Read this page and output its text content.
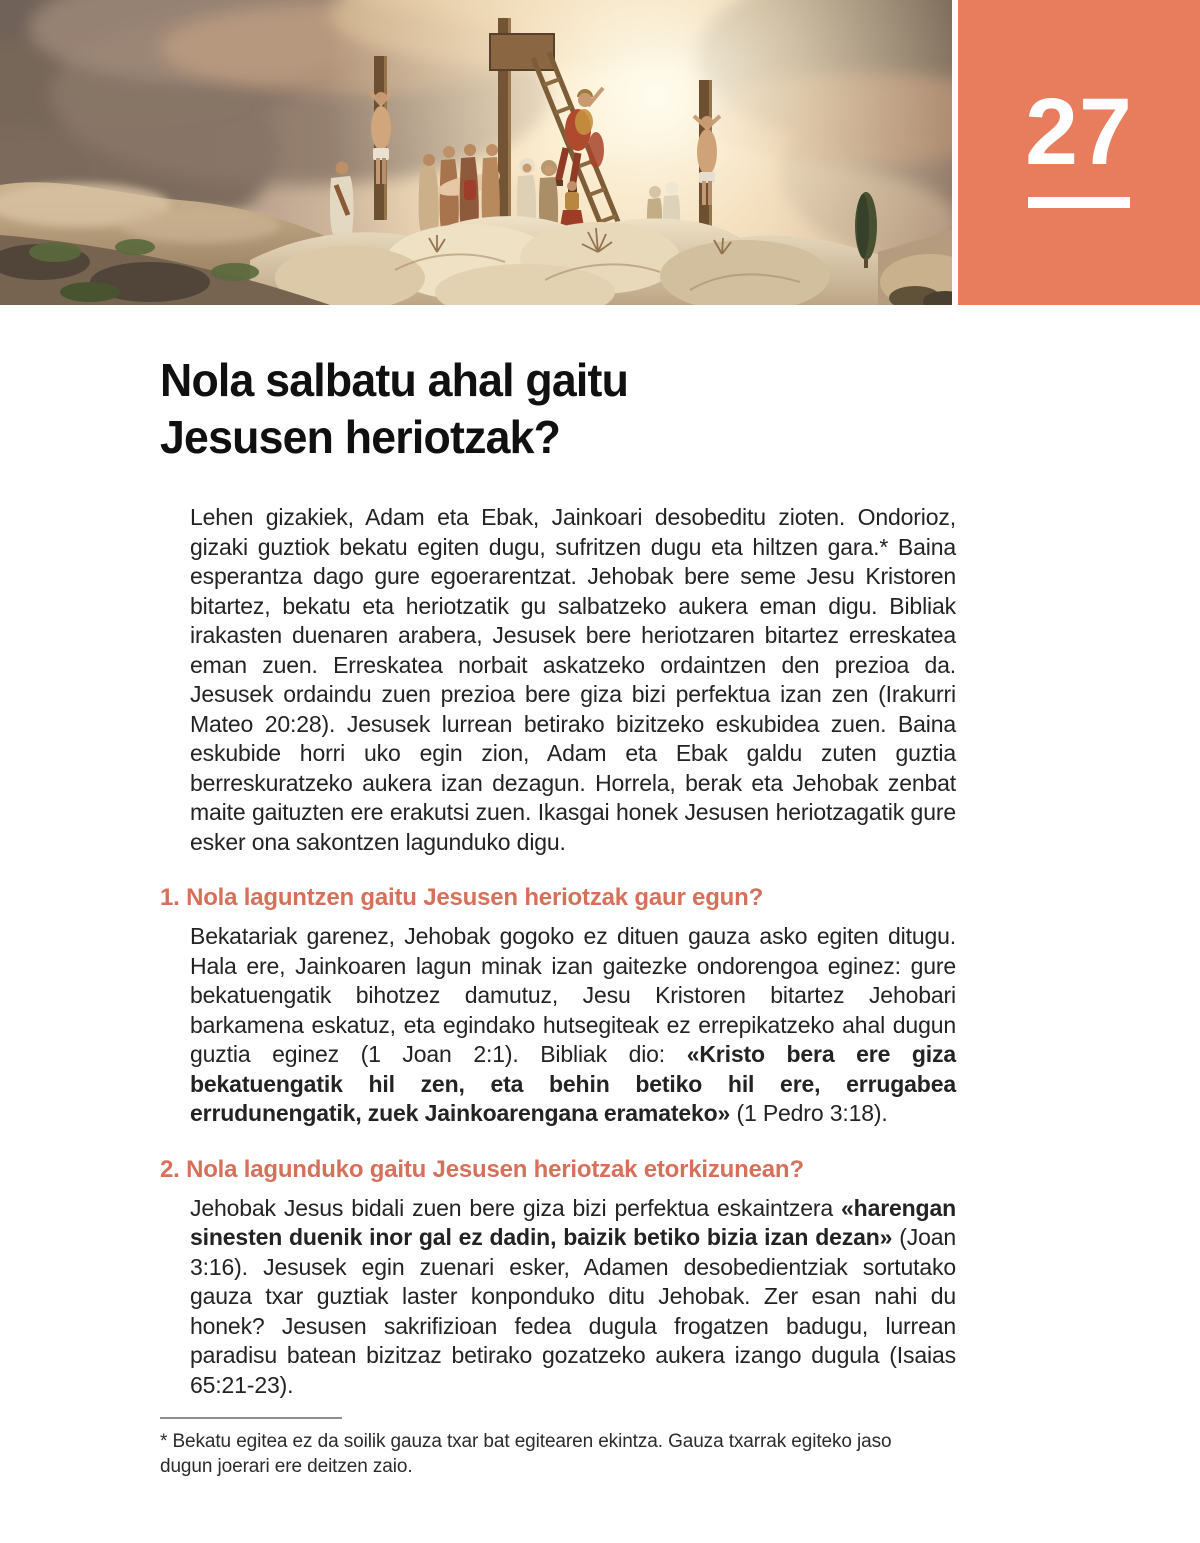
27
Nola salbatu ahal gaitu
Jesusen heriotzak?

Lehen gizakiek, Adam eta Ebak, Jainkoari desobeditu zioten. Ondorioz, gizaki guztiok bekatu egiten dugu, sufritzen dugu eta hiltzen gara.* Baina esperantza dago gure egoerarentzat. Jehobak bere seme Jesu Kristoren bitartez, bekatu eta heriotzatik gu salbatzeko aukera eman digu. Bibliak irakasten duenaren arabera, Jesusek bere heriotzaren bitartez erreskatea eman zuen. Erreskatea norbait askatzeko ordaintzen den prezioa da. Jesusek ordaindu zuen prezioa bere giza bizi perfektua izan zen (Irakurri Mateo 20:28). Jesusek lurrean betirako bizitzeko eskubidea zuen. Baina eskubide horri uko egin zion, Adam eta Ebak galdu zuten guztia berreskuratzeko aukera izan dezagun. Horrela, berak eta Jehobak zenbat maite gaituzten ere erakutsi zuen. Ikasgai honek Jesusen heriotzagatik gure esker ona sakontzen lagunduko digu.

1. Nola laguntzen gaitu Jesusen heriotzak gaur egun?

Bekatariak garenez, Jehobak gogoko ez dituen gauza asko egiten ditugu. Hala ere, Jainkoaren lagun minak izan gaitezke ondorengoa eginez: gure bekatuengatik bihotzez damutuz, Jesu Kristoren bitartez Jehobari barkamena eskatuz, eta egindako hutsegiteak ez errepikatzeko ahal dugun guztia eginez (1 Joan 2:1). Bibliak dio: «Kristo bera ere giza bekatuengatik hil zen, eta behin betiko hil ere, errugabea errudunengatik, zuek Jainkoarengana eramateko» (1 Pedro 3:18).

2. Nola lagunduko gaitu Jesusen heriotzak etorkizunean?

Jehobak Jesus bidali zuen bere giza bizi perfektua eskaintzera «harengan sinesten duenik inor gal ez dadin, baizik betiko bizia izan dezan» (Joan 3:16). Jesusek egin zuenari esker, Adamen desobedientziak sortutako gauza txar guztiak laster konponduko ditu Jehobak. Zer esan nahi du honek? Jesusen sakrifizioan fedea dugula frogatzen badugu, lurrean paradisu batean bizitzaz betirako gozatzeko aukera izango dugula (Isaias 65:21-23).

* Bekatu egitea ez da soilik gauza txar bat egitearen ekintza. Gauza txarrak egiteko jaso dugun joerari ere deitzen zaio.
